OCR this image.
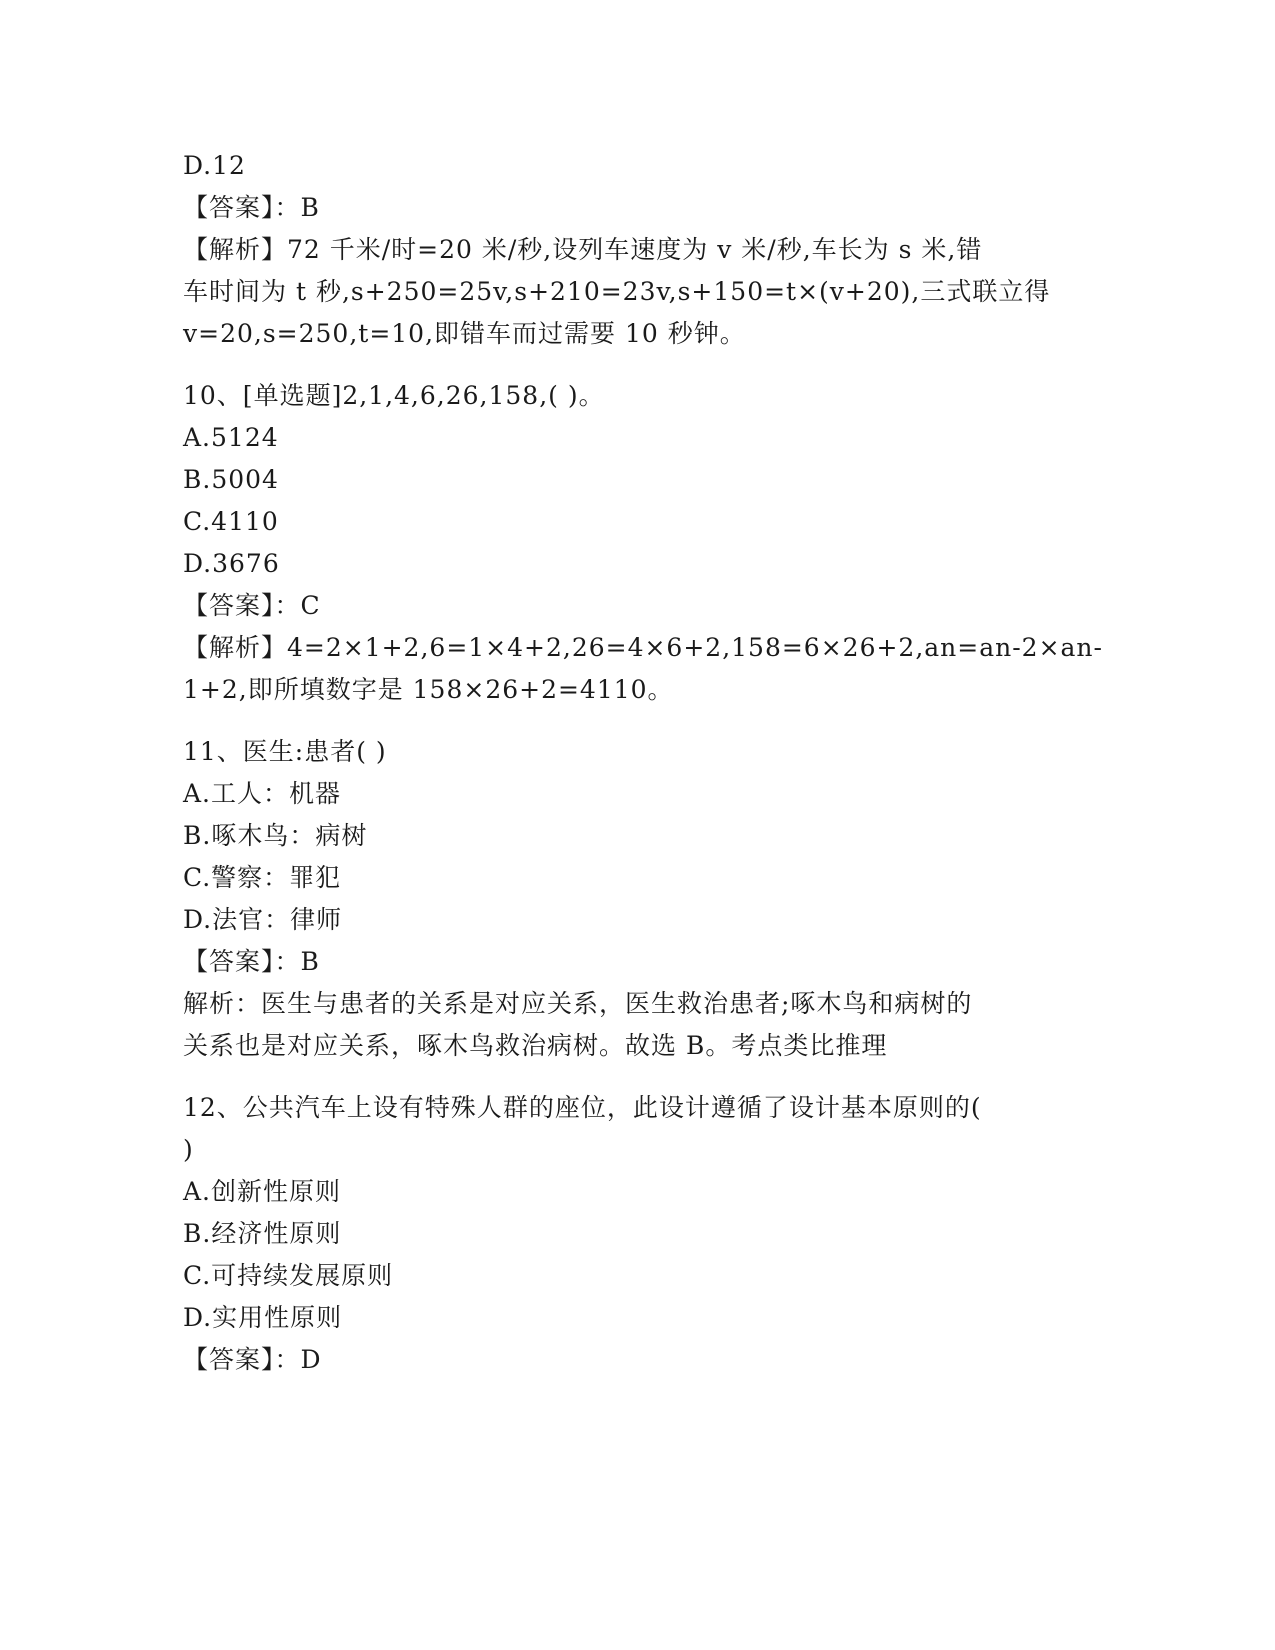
D.12
【答案】：B
【解析】72 千米/时=20 米/秒,设列车速度为 v 米/秒,车长为 s 米,错
车时间为 t 秒,s+250=25v,s+210=23v,s+150=t×(v+20),三式联立得
v=20,s=250,t=10,即错车而过需要 10 秒钟。
10、[单选题]2,1,4,6,26,158,( )。
A.5124
B.5004
C.4110
D.3676
【答案】：C
【解析】4=2×1+2,6=1×4+2,26=4×6+2,158=6×26+2,an=an-2×an-
1+2,即所填数字是 158×26+2=4110。
11、医生:患者( )
A.工人：机器
B.啄木鸟：病树
C.警察：罪犯
D.法官：律师
【答案】：B
解析：医生与患者的关系是对应关系，医生救治患者;啄木鸟和病树的
关系也是对应关系，啄木鸟救治病树。故选 B。考点类比推理
12、公共汽车上设有特殊人群的座位，此设计遵循了设计基本原则的(
)
A.创新性原则
B.经济性原则
C.可持续发展原则
D.实用性原则
【答案】：D
